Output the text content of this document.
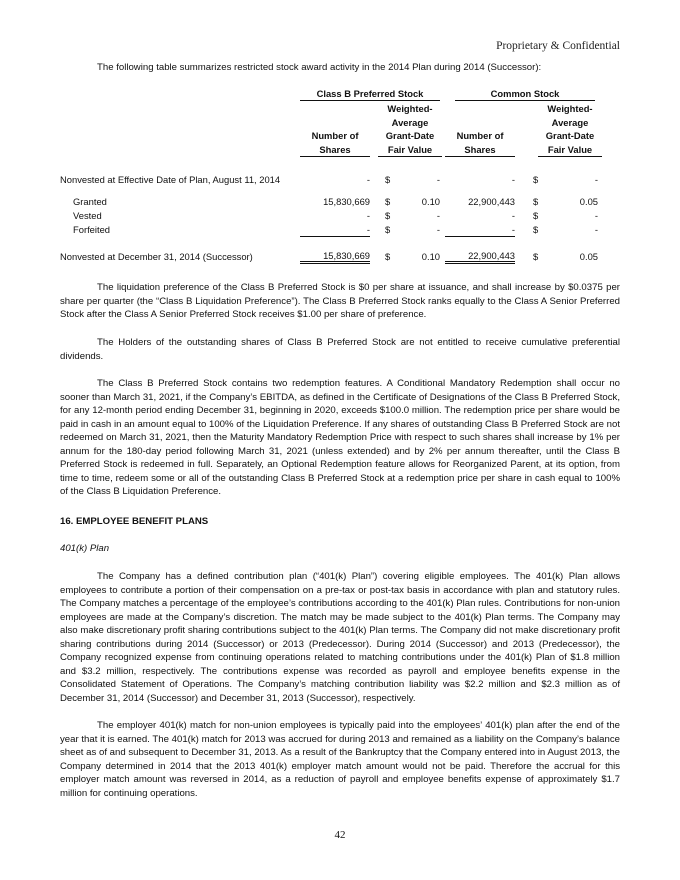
Proprietary & Confidential
The following table summarizes restricted stock award activity in the 2014 Plan during 2014 (Successor):
Class B Preferred Stock	Common Stock
Number of
Shares
Weighted-
Average
Grant-Date
Fair Value
Number of
Shares
Weighted-
Average
Grant-Date
Fair Value
Nonvested at Effective Date of Plan, August 11, 2014	- $	-	- $	-
Granted	15,830,669 $	0.10	22,900,443 $	0.05
Vested	- $	-	- $	-
Forfeited	- $	-	- $	-
Nonvested at December 31, 2014 (Successor)	15,830,669 $	0.10	22,900,443 $	0.05
The liquidation preference of the Class B Preferred Stock is $0 per share at issuance, and shall increase by $0.0375 per share per quarter (the “Class B Liquidation Preference”). The Class B Preferred Stock ranks equally to the Class A Senior Preferred Stock after the Class A Senior Preferred Stock receives $1.00 per share of preference.
The Holders of the outstanding shares of Class B Preferred Stock are not entitled to receive cumulative preferential dividends.
The Class B Preferred Stock contains two redemption features. A Conditional Mandatory Redemption shall occur no sooner than March 31, 2021, if the Company’s EBITDA, as defined in the Certificate of Designations of the Class B Preferred Stock, for any 12-month period ending December 31, beginning in 2020, exceeds $100.0 million. The redemption price per share would be paid in cash in an amount equal to 100% of the Liquidation Preference. If any shares of outstanding Class B Preferred Stock are not redeemed on March 31, 2021, then the Maturity Mandatory Redemption Price with respect to such shares shall increase by 1% per annum for the 180-day period following March 31, 2021 (unless extended) and by 2% per annum thereafter, until the Class B Preferred Stock is redeemed in full. Separately, an Optional Redemption feature allows for Reorganized Parent, at its option, from time to time, redeem some or all of the outstanding Class B Preferred Stock at a redemption price per share in cash equal to 100% of the Class B Liquidation Preference.
16. EMPLOYEE BENEFIT PLANS
401(k) Plan
The Company has a defined contribution plan (“401(k) Plan”) covering eligible employees. The 401(k) Plan allows employees to contribute a portion of their compensation on a pre-tax or post-tax basis in accordance with plan and statutory rules. The Company matches a percentage of the employee’s contributions according to the 401(k) Plan rules. Contributions for non-union employees are made at the Company’s discretion. The match may be made subject to the 401(k) Plan terms. The Company may also make discretionary profit sharing contributions subject to the 401(k) Plan terms. The Company did not make discretionary profit sharing contributions during 2014 (Successor) or 2013 (Predecessor). During 2014 (Successor) and 2013 (Predecessor), the Company recognized expense from continuing operations related to matching contributions under the 401(k) Plan of $1.8 million and $3.2 million, respectively. The contributions expense was recorded as payroll and employee benefits expense in the Consolidated Statement of Operations. The Company’s matching contribution liability was $2.2 million and $2.3 million as of December 31, 2014 (Successor) and December 31, 2013 (Successor), respectively.
The employer 401(k) match for non-union employees is typically paid into the employees’ 401(k) plan after the end of the year that it is earned. The 401(k) match for 2013 was accrued for during 2013 and remained as a liability on the Company’s balance sheet as of and subsequent to December 31, 2013. As a result of the Bankruptcy that the Company entered into in August 2013, the Company determined in 2014 that the 2013 401(k) employer match amount would not be paid. Therefore the accrual for this employer match amount was reversed in 2014, as a reduction of payroll and employee benefits expense of approximately $1.7 million for continuing operations.
42
